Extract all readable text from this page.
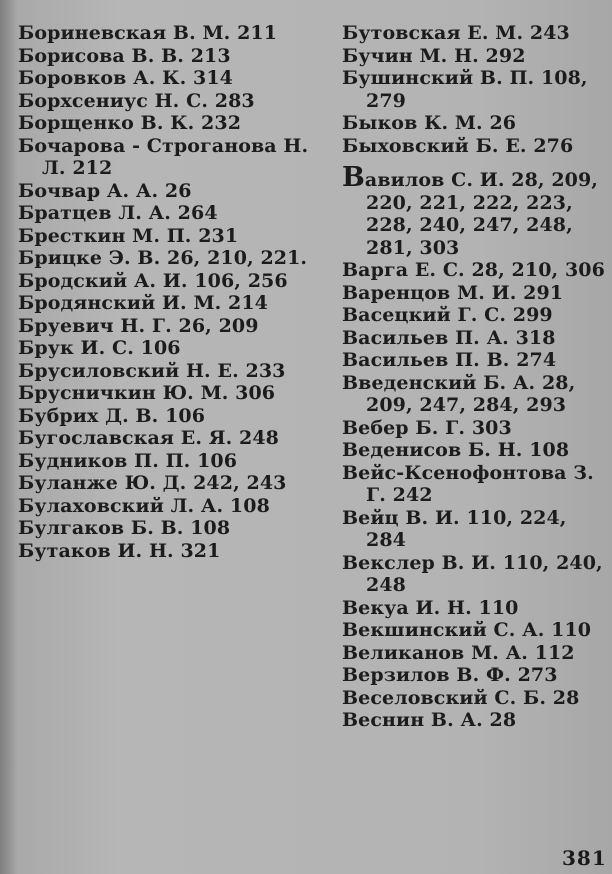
Бориневская В. М. 211
Борисова В. В. 213
Боровков А. К. 314
Борхсениус Н. С. 283
Борщенко В. К. 232
Бочарова - Строганова Н. Л. 212
Бочвар А. А. 26
Братцев Л. А. 264
Бресткин М. П. 231
Брицке Э. В. 26, 210, 221.
Бродский А. И. 106, 256
Бродянский И. М. 214
Бруевич Н. Г. 26, 209
Брук И. С. 106
Брусиловский Н. Е. 233
Брусничкин Ю. М. 306
Бубрих Д. В. 106
Бугославская Е. Я. 248
Будников П. П. 106
Буланже Ю. Д. 242, 243
Булаховский Л. А. 108
Булгаков Б. В. 108
Бутаков И. Н. 321
Бутовская Е. М. 243
Бучин М. Н. 292
Бушинский В. П. 108, 279
Быков К. М. 26
Быховский Б. Е. 276
Вавилов С. И. 28, 209, 220, 221, 222, 223, 228, 240, 247, 248, 281, 303
Варга Е. С. 28, 210, 306
Варенцов М. И. 291
Васецкий Г. С. 299
Васильев П. А. 318
Васильев П. В. 274
Введенский Б. А. 28, 209, 247, 284, 293
Вебер Б. Г. 303
Веденисов Б. Н. 108
Вейс-Ксенофонтова З. Г. 242
Вейц В. И. 110, 224, 284
Векслер В. И. 110, 240, 248
Векуа И. Н. 110
Векшинский С. А. 110
Великанов М. А. 112
Верзилов В. Ф. 273
Веселовский С. Б. 28
Веснин В. А. 28
381
